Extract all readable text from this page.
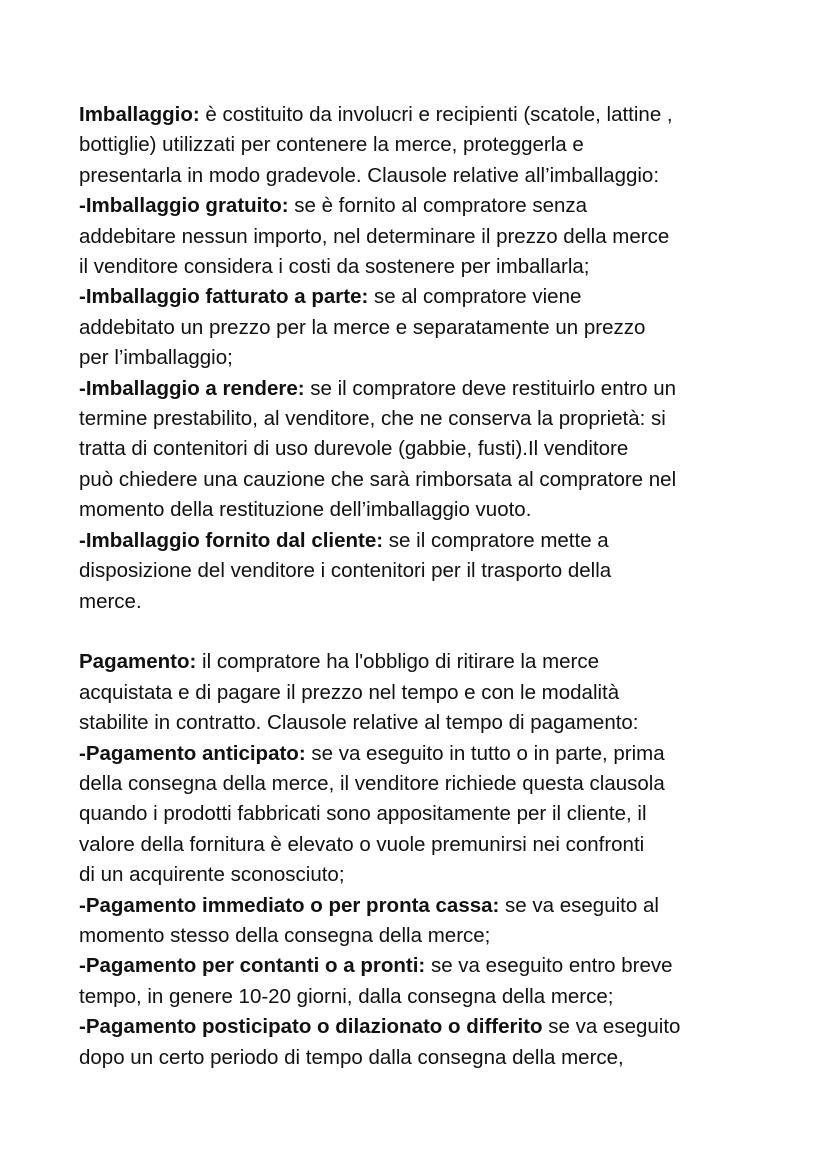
Imballaggio: è costituito da involucri e recipienti (scatole, lattine ,
bottiglie) utilizzati per contenere la merce, proteggerla e
presentarla in modo gradevole. Clausole relative all’imballaggio:
-Imballaggio gratuito: se è fornito al compratore senza
addebitare nessun importo, nel determinare il prezzo della merce
il venditore considera i costi da sostenere per imballarla;
-Imballaggio fatturato a parte: se al compratore viene
addebitato un prezzo per la merce e separatamente un prezzo
per l’imballaggio;
-Imballaggio a rendere: se il compratore deve restituirlo entro un
termine prestabilito, al venditore, che ne conserva la proprietà: si
tratta di contenitori di uso durevole (gabbie, fusti).Il venditore
può chiedere una cauzione che sarà rimborsata al compratore nel
momento della restituzione dell’imballaggio vuoto.
-Imballaggio fornito dal cliente: se il compratore mette a
disposizione del venditore i contenitori per il trasporto della
merce.
Pagamento: il compratore ha l'obbligo di ritirare la merce
acquistata e di pagare il prezzo nel tempo e con le modalità
stabilite in contratto. Clausole relative al tempo di pagamento:
-Pagamento anticipato: se va eseguito in tutto o in parte, prima
della consegna della merce, il venditore richiede questa clausola
quando i prodotti fabbricati sono appositamente per il cliente, il
valore della fornitura è elevato o vuole premunirsi nei confronti
di un acquirente sconosciuto;
-Pagamento immediato o per pronta cassa: se va eseguito al
momento stesso della consegna della merce;
-Pagamento per contanti o a pronti: se va eseguito entro breve
tempo, in genere 10-20 giorni, dalla consegna della merce;
-Pagamento posticipato o dilazionato o differito se va eseguito
dopo un certo periodo di tempo dalla consegna della merce,
